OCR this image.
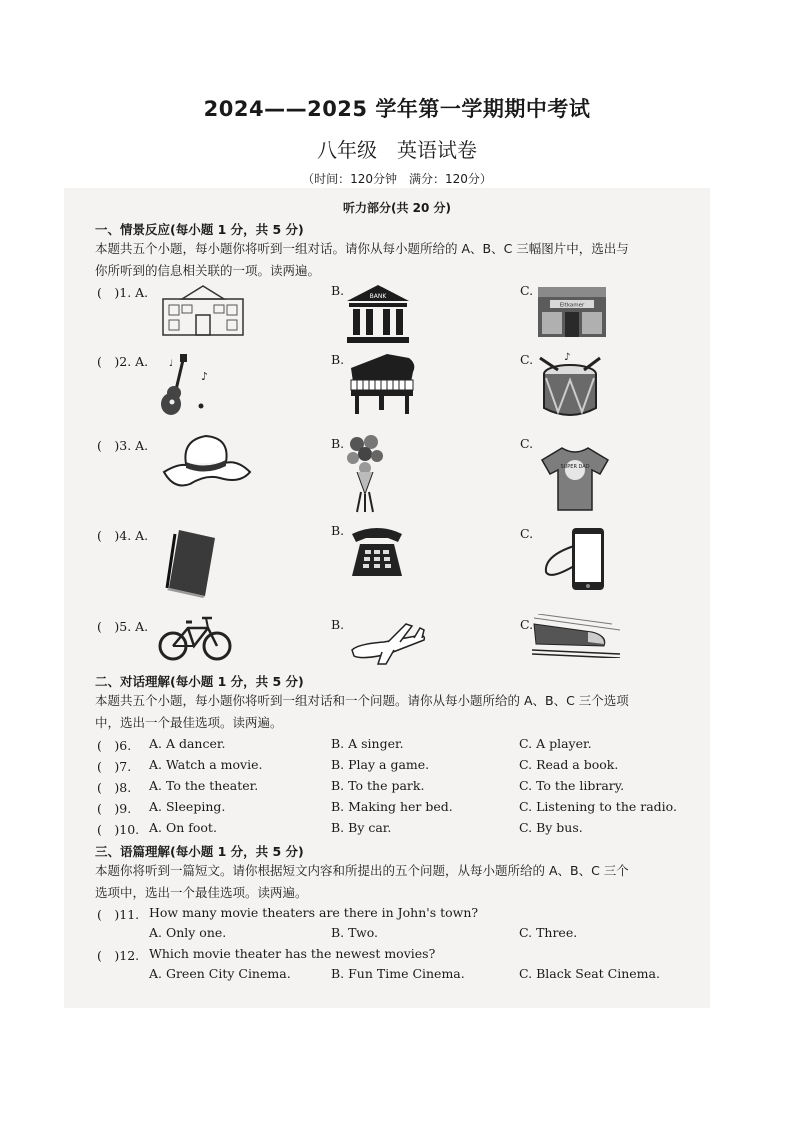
2024——2025 学年第一学期期中考试
八年级　英语试卷
（时间：120分钟　满分：120分）
听力部分(共 20 分)
一、情景反应(每小题 1 分，共 5 分)
本题共五个小题，每小题你将听到一组对话。请你从每小题所给的 A、B、C 三幅图片中，选出与
你所听到的信息相关联的一项。读两遍。
(　)1. A.	B.	C.
BANK
Eltkamer
(　)2. A.	B.	C.
♪
♩
♪
(　)3. A.	B.	C.
SUPER DAD
(　)4. A.	B.	C.
(　)5. A.	B.	C.
二、对话理解(每小题 1 分，共 5 分)
本题共五个小题，每小题你将听到一组对话和一个问题。请你从每小题所给的 A、B、C 三个选项
中，选出一个最佳选项。读两遍。
(　)6. A. A dancer.	B. A singer.	C. A player.
(　)7. A. Watch a movie.	B. Play a game.	C. Read a book.
(　)8. A. To the theater.	B. To the park.	C. To the library.
(　)9. A. Sleeping.	B. Making her bed.	C. Listening to the radio.
(　)10. A. On foot.	B. By car.	C. By bus.
三、语篇理解(每小题 1 分，共 5 分)
本题你将听到一篇短文。请你根据短文内容和所提出的五个问题，从每小题所给的 A、B、C 三个
选项中，选出一个最佳选项。读两遍。
(　)11. How many movie theaters are there in John's town?
A. Only one.	B. Two.	C. Three.
(　)12. Which movie theater has the newest movies?
A. Green City Cinema.	B. Fun Time Cinema.	C. Black Seat Cinema.
